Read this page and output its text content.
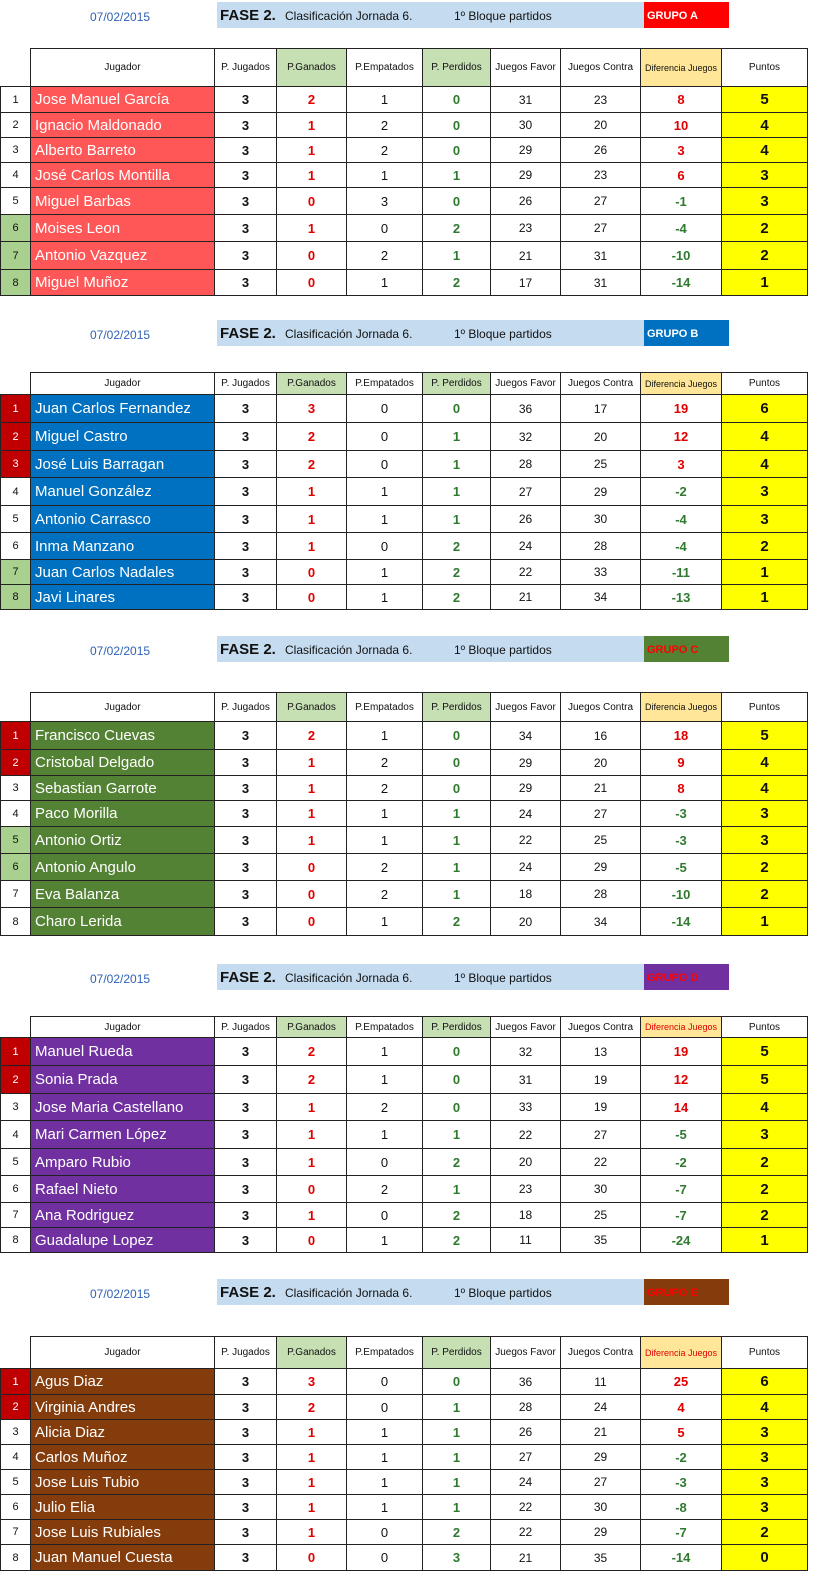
07/02/2015	FASE 2. Clasificación Jornada 6.	1º Bloque partidos	GRUPO A
	Jugador	P. Jugados	P.Ganados	P.Empatados	P. Perdidos	Juegos Favor	Juegos Contra	Diferencia Juegos	Puntos
1	Jose Manuel García	3	2	1	0	31	23	8	5
2	Ignacio Maldonado	3	1	2	0	30	20	10	4
3	Alberto Barreto	3	1	2	0	29	26	3	4
4	José Carlos Montilla	3	1	1	1	29	23	6	3
5	Miguel Barbas	3	0	3	0	26	27	-1	3
6	Moises Leon	3	1	0	2	23	27	-4	2
7	Antonio Vazquez	3	0	2	1	21	31	-10	2
8	Miguel Muñoz	3	0	1	2	17	31	-14	1
07/02/2015	FASE 2. Clasificación Jornada 6.	1º Bloque partidos	GRUPO B
	Jugador	P. Jugados	P.Ganados	P.Empatados	P. Perdidos	Juegos Favor	Juegos Contra	Diferencia Juegos	Puntos
1	Juan Carlos Fernandez	3	3	0	0	36	17	19	6
2	Miguel Castro	3	2	0	1	32	20	12	4
3	José Luis Barragan	3	2	0	1	28	25	3	4
4	Manuel González	3	1	1	1	27	29	-2	3
5	Antonio Carrasco	3	1	1	1	26	30	-4	3
6	Inma Manzano	3	1	0	2	24	28	-4	2
7	Juan Carlos Nadales	3	0	1	2	22	33	-11	1
8	Javi Linares	3	0	1	2	21	34	-13	1
07/02/2015	FASE 2. Clasificación Jornada 6.	1º Bloque partidos	GRUPO C
	Jugador	P. Jugados	P.Ganados	P.Empatados	P. Perdidos	Juegos Favor	Juegos Contra	Diferencia Juegos	Puntos
1	Francisco Cuevas	3	2	1	0	34	16	18	5
2	Cristobal Delgado	3	1	2	0	29	20	9	4
3	Sebastian Garrote	3	1	2	0	29	21	8	4
4	Paco Morilla	3	1	1	1	24	27	-3	3
5	Antonio Ortiz	3	1	1	1	22	25	-3	3
6	Antonio Angulo	3	0	2	1	24	29	-5	2
7	Eva Balanza	3	0	2	1	18	28	-10	2
8	Charo Lerida	3	0	1	2	20	34	-14	1
07/02/2015	FASE 2. Clasificación Jornada 6.	1º Bloque partidos	GRUPO D
	Jugador	P. Jugados	P.Ganados	P.Empatados	P. Perdidos	Juegos Favor	Juegos Contra	Diferencia Juegos	Puntos
1	Manuel Rueda	3	2	1	0	32	13	19	5
2	Sonia Prada	3	2	1	0	31	19	12	5
3	Jose Maria Castellano	3	1	2	0	33	19	14	4
4	Mari Carmen López	3	1	1	1	22	27	-5	3
5	Amparo Rubio	3	1	0	2	20	22	-2	2
6	Rafael Nieto	3	0	2	1	23	30	-7	2
7	Ana Rodriguez	3	1	0	2	18	25	-7	2
8	Guadalupe Lopez	3	0	1	2	11	35	-24	1
07/02/2015	FASE 2. Clasificación Jornada 6.	1º Bloque partidos	GRUPO E
	Jugador	P. Jugados	P.Ganados	P.Empatados	P. Perdidos	Juegos Favor	Juegos Contra	Diferencia Juegos	Puntos
1	Agus Diaz	3	3	0	0	36	11	25	6
2	Virginia Andres	3	2	0	1	28	24	4	4
3	Alicia Diaz	3	1	1	1	26	21	5	3
4	Carlos Muñoz	3	1	1	1	27	29	-2	3
5	Jose Luis Tubio	3	1	1	1	24	27	-3	3
6	Julio Elia	3	1	1	1	22	30	-8	3
7	Jose Luis Rubiales	3	1	0	2	22	29	-7	2
8	Juan Manuel Cuesta	3	0	0	3	21	35	-14	0
